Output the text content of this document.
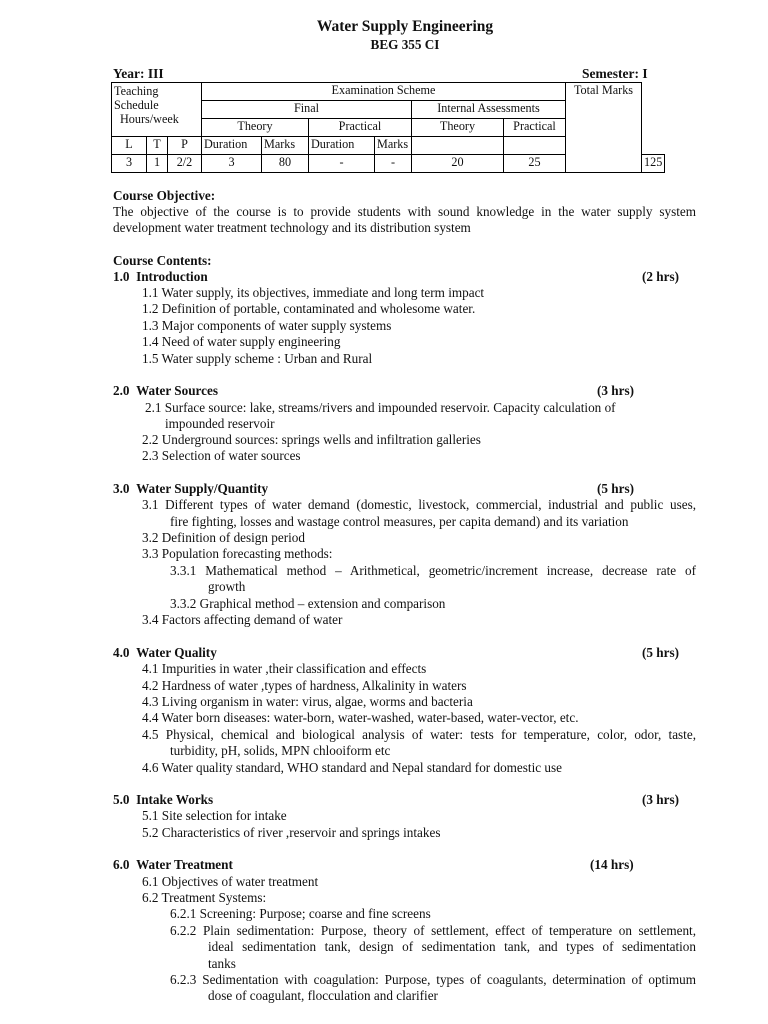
Water Supply Engineering
BEG 355 CI
Year: III	Semester: I
Teaching
Schedule
Hours/week			Examination Scheme						Total Marks	
			Final				Internal Assessments			
			Theory		Practical		Theory	Practical		
L	T	P	Duration	Marks	Duration	Marks				
3	1	2/2	3	80	-	-	20	25		125
Course Objective:
The objective of the course is to provide students with sound knowledge in the water supply system
development water treatment technology and its distribution system
Course Contents:
1.0 Introduction	(2 hrs)
1.1 Water supply, its objectives, immediate and long term impact
1.2 Definition of portable, contaminated and wholesome water.
1.3 Major components of water supply systems
1.4 Need of water supply engineering
1.5 Water supply scheme : Urban and Rural
2.0 Water Sources	(3 hrs)
2.1 Surface source: lake, streams/rivers and impounded reservoir. Capacity calculation of
impounded reservoir
2.2 Underground sources: springs wells and infiltration galleries
2.3 Selection of water sources
3.0 Water Supply/Quantity	(5 hrs)
3.1 Different types of water demand (domestic, livestock, commercial, industrial and public uses,
fire fighting, losses and wastage control measures, per capita demand) and its variation
3.2 Definition of design period
3.3 Population forecasting methods:
3.3.1 Mathematical method – Arithmetical, geometric/increment increase, decrease rate of
growth
3.3.2 Graphical method – extension and comparison
3.4 Factors affecting demand of water
4.0 Water Quality	(5 hrs)
4.1 Impurities in water ,their classification and effects
4.2 Hardness of water ,types of hardness, Alkalinity in waters
4.3 Living organism in water: virus, algae, worms and bacteria
4.4 Water born diseases: water-born, water-washed, water-based, water-vector, etc.
4.5 Physical, chemical and biological analysis of water: tests for temperature, color, odor, taste,
turbidity, pH, solids, MPN chlooiform etc
4.6 Water quality standard, WHO standard and Nepal standard for domestic use
5.0 Intake Works	(3 hrs)
5.1 Site selection for intake
5.2 Characteristics of river ,reservoir and springs intakes
6.0 Water Treatment	(14 hrs)
6.1 Objectives of water treatment
6.2 Treatment Systems:
6.2.1 Screening: Purpose; coarse and fine screens
6.2.2 Plain sedimentation: Purpose, theory of settlement, effect of temperature on settlement,
ideal sedimentation tank, design of sedimentation tank, and types of sedimentation
tanks
6.2.3 Sedimentation with coagulation: Purpose, types of coagulants, determination of optimum
dose of coagulant, flocculation and clarifier
